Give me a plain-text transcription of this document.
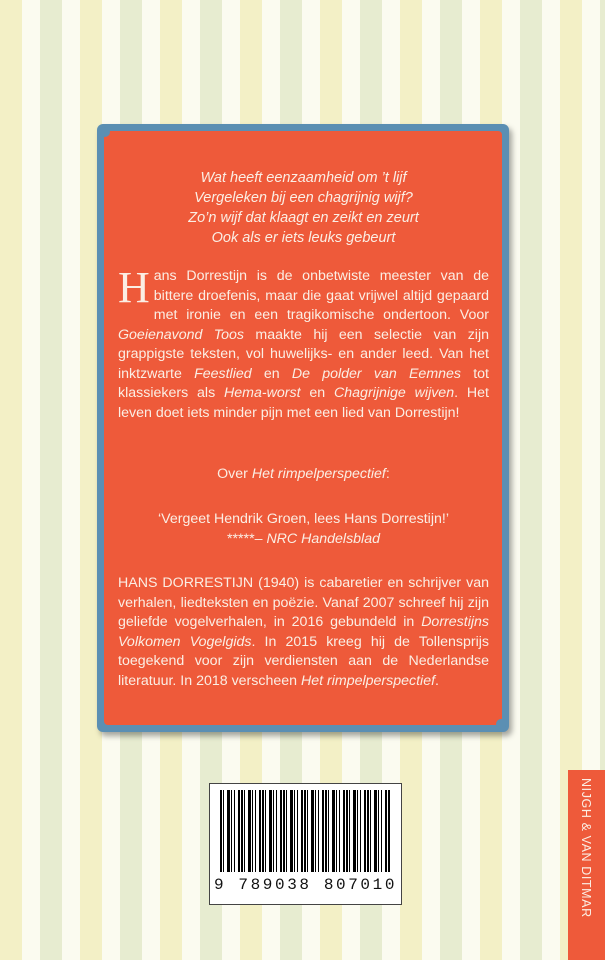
Wat heeft eenzaamheid om ’t lijf
Vergeleken bij een chagrijnig wijf?
Zo’n wijf dat klaagt en zeikt en zeurt
Ook als er iets leuks gebeurt
Hans Dorrestijn is de onbetwiste meester van de bittere droefenis, maar die gaat vrijwel altijd gepaard met ironie en een tragikomische ondertoon. Voor Goeienavond Toos maakte hij een selectie van zijn grappigste teksten, vol huwelijks- en ander leed. Van het inktzwarte Feestlied en De polder van Eemnes tot klassiekers als Hema-worst en Chagrijnige wijven. Het leven doet iets minder pijn met een lied van Dorrestijn!
Over Het rimpelperspectief:
‘Vergeet Hendrik Groen, lees Hans Dorrestijn!’
*****– NRC Handelsblad
HANS DORRESTIJN (1940) is cabaretier en schrijver van verhalen, liedteksten en poëzie. Vanaf 2007 schreef hij zijn geliefde vogelverhalen, in 2016 gebundeld in Dorrestijns Volkomen Vogelgids. In 2015 kreeg hij de Tollensprijs toegekend voor zijn verdiensten aan de Nederlandse literatuur. In 2018 verscheen Het rimpelperspectief.
9 789038 807010	NIJGH & VAN DITMAR
